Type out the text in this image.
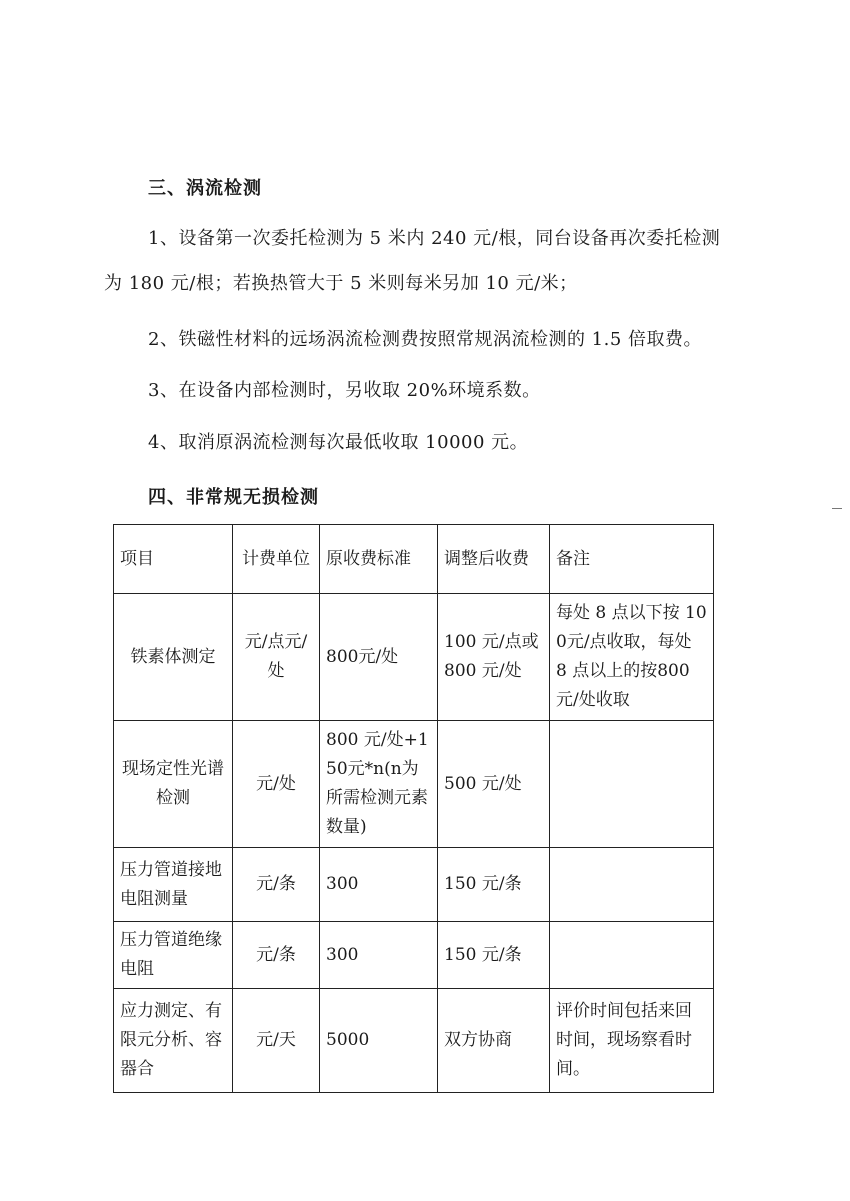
三、涡流检测
1、设备第一次委托检测为 5 米内 240 元/根，同台设备再次委托检测
为 180 元/根；若换热管大于 5 米则每米另加 10 元/米；
2、铁磁性材料的远场涡流检测费按照常规涡流检测的 1.5 倍取费。
3、在设备内部检测时，另收取 20%环境系数。
4、取消原涡流检测每次最低收取 10000 元。
四、非常规无损检测
项目	计费单位	原收费标准	调整后收费	备注
铁素体测定	元/点元/处	800元/处	100 元/点或 800 元/处	每处 8 点以下按 100元/点收取，每处 8 点以上的按800元/处收取
现场定性光谱检测	元/处	800 元/处+150元*n(n为所需检测元素数量)	500 元/处	
压力管道接地电阻测量	元/条	300	150 元/条	
压力管道绝缘电阻	元/条	300	150 元/条	
应力测定、有限元分析、容器合	元/天	5000	双方协商	评价时间包括来回时间，现场察看时间。
